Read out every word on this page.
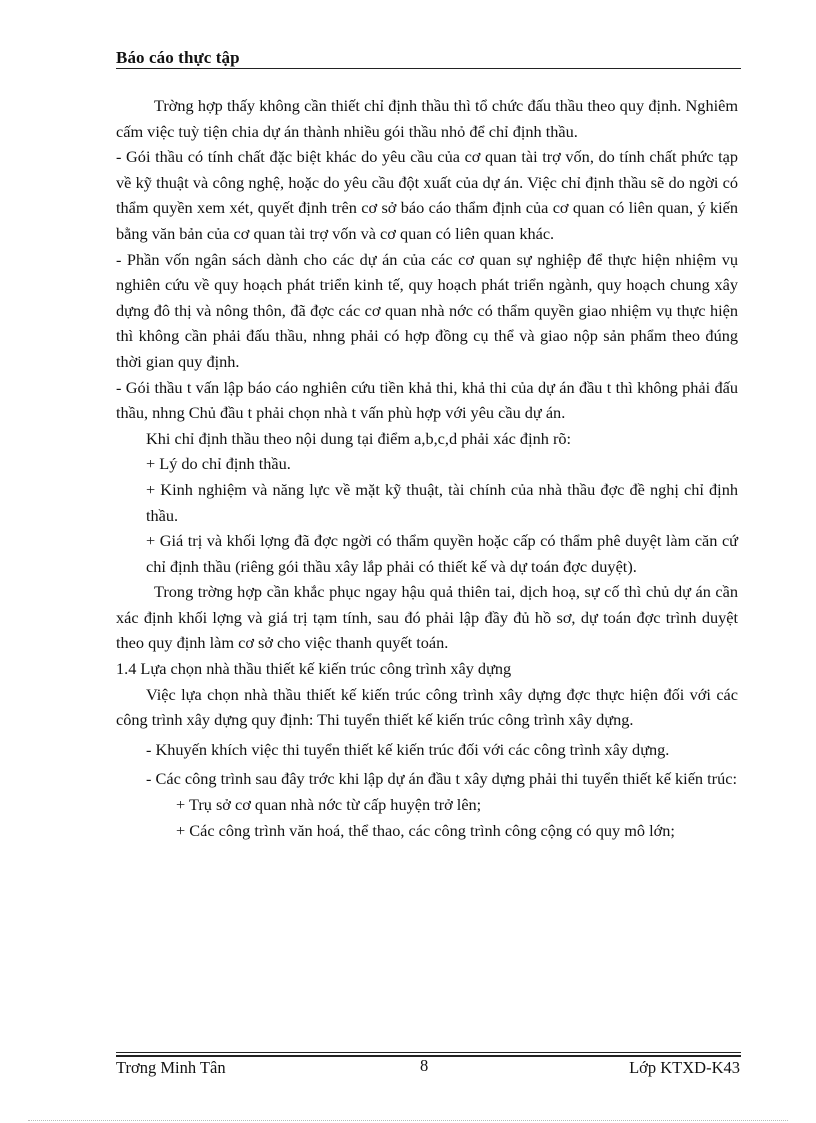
Báo cáo thực tập

Trờng hợp thấy không cần thiết chỉ định thầu thì tổ chức đấu thầu theo quy định. Nghiêm cấm việc tuỳ tiện chia dự án thành nhiều gói thầu nhỏ để chỉ định thầu.

- Gói thầu có tính chất đặc biệt khác do yêu cầu của cơ quan tài trợ vốn, do tính chất phức tạp về kỹ thuật và công nghệ, hoặc do yêu cầu đột xuất của dự án. Việc chỉ định thầu sẽ do ngời có thẩm quyền xem xét, quyết định trên cơ sở báo cáo thẩm định của cơ quan có liên quan, ý kiến bằng văn bản của cơ quan tài trợ vốn và cơ quan có liên quan khác.

- Phần vốn ngân sách dành cho các dự án của các cơ quan sự nghiệp để thực hiện nhiệm vụ nghiên cứu về quy hoạch phát triển kinh tế, quy hoạch phát triển ngành, quy hoạch chung xây dựng đô thị và nông thôn, đã đợc các cơ quan nhà nớc có thẩm quyền giao nhiệm vụ thực hiện thì không cần phải đấu thầu, nhng phải có hợp đồng cụ thể và giao nộp sản phẩm theo đúng thời gian quy định.

- Gói thầu t vấn lập báo cáo nghiên cứu tiền khả thi, khả thi của dự án đầu t thì không phải đấu thầu, nhng Chủ đầu t phải chọn nhà t vấn phù hợp với yêu cầu dự án.

Khi chỉ định thầu theo nội dung tại điểm a,b,c,d phải xác định rõ:

+ Lý do chỉ định thầu.

+ Kinh nghiệm và năng lực về mặt kỹ thuật, tài chính của nhà thầu đợc đề nghị chỉ định thầu.

+ Giá trị và khối lợng đã đợc ngời có thẩm quyền hoặc cấp có thẩm phê duyệt làm căn cứ chỉ định thầu (riêng gói thầu xây lắp phải có thiết kế và dự toán đợc duyệt).

Trong trờng hợp cần khắc phục ngay hậu quả thiên tai, dịch hoạ, sự cố thì chủ dự án cần xác định khối lợng và giá trị tạm tính, sau đó phải lập đầy đủ hồ sơ, dự toán đợc trình duyệt theo quy định làm cơ sở cho việc thanh quyết toán.

1.4 Lựa chọn nhà thầu thiết kế kiến trúc công trình xây dựng

Việc lựa chọn nhà thầu thiết kế kiến trúc công trình xây dựng đợc thực hiện đối với các công trình xây dựng quy định: Thi tuyển thiết kế kiến trúc công trình xây dựng.

- Khuyến khích việc thi tuyển thiết kế kiến trúc đối với các công trình xây dựng.

- Các công trình sau đây trớc khi lập dự án đầu t xây dựng phải thi tuyển thiết kế kiến trúc:

+ Trụ sở cơ quan nhà nớc từ cấp huyện trở lên;

+ Các công trình văn hoá, thể thao, các công trình công cộng có quy mô lớn;

Trơng Minh Tân	8	Lớp KTXD-K43
